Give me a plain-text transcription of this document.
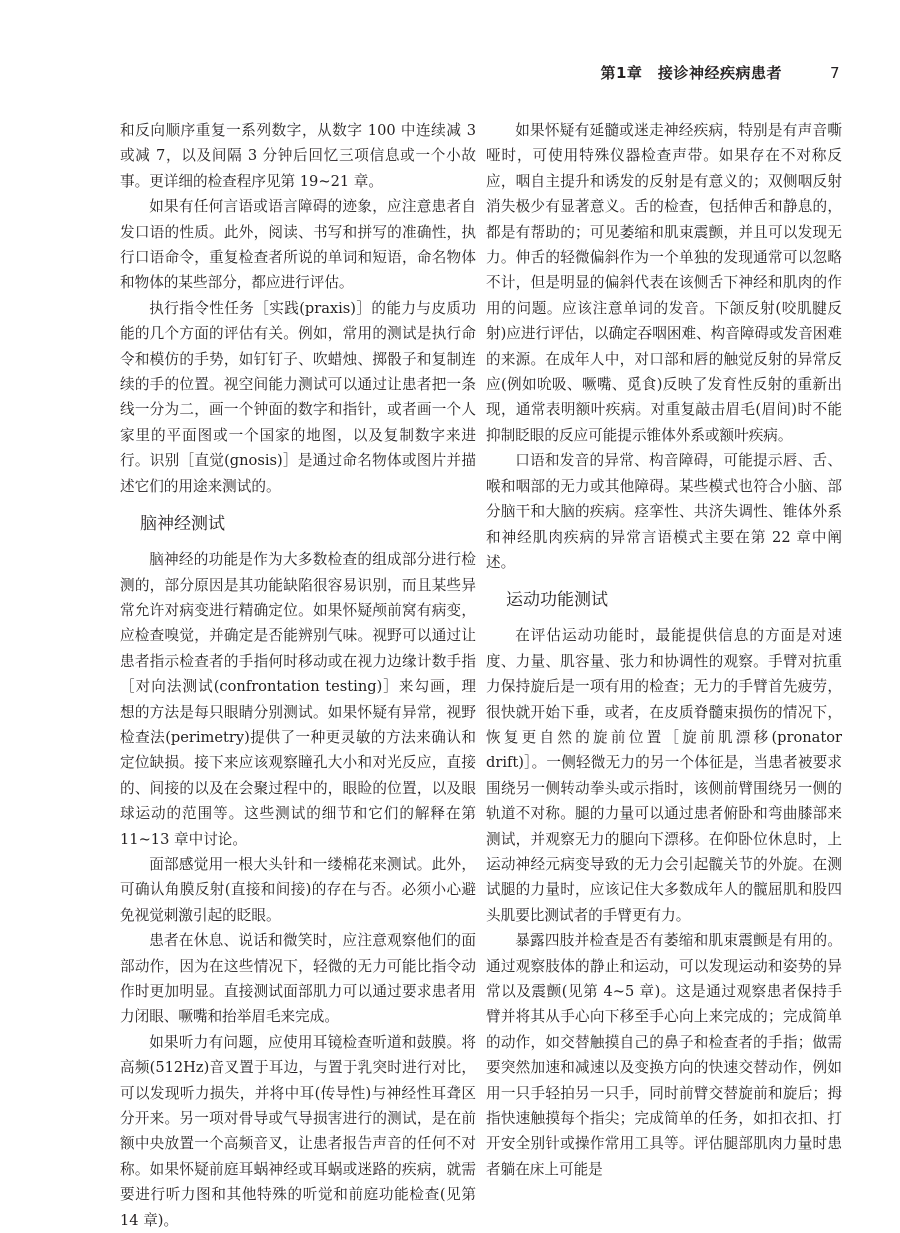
第1章　接诊神经疾病患者	7

和反向顺序重复一系列数字，从数字 100 中连续减 3 或减 7，以及间隔 3 分钟后回忆三项信息或一个小故事。更详细的检查程序见第 19~21 章。

如果有任何言语或语言障碍的迹象，应注意患者自发口语的性质。此外，阅读、书写和拼写的准确性，执行口语命令，重复检查者所说的单词和短语，命名物体和物体的某些部分，都应进行评估。

执行指令性任务［实践(praxis)］的能力与皮质功能的几个方面的评估有关。例如，常用的测试是执行命令和模仿的手势，如钉钉子、吹蜡烛、掷骰子和复制连续的手的位置。视空间能力测试可以通过让患者把一条线一分为二，画一个钟面的数字和指针，或者画一个人家里的平面图或一个国家的地图，以及复制数字来进行。识别［直觉(gnosis)］是通过命名物体或图片并描述它们的用途来测试的。

脑神经测试

脑神经的功能是作为大多数检查的组成部分进行检测的，部分原因是其功能缺陷很容易识别，而且某些异常允许对病变进行精确定位。如果怀疑颅前窝有病变，应检查嗅觉，并确定是否能辨别气味。视野可以通过让患者指示检查者的手指何时移动或在视力边缘计数手指［对向法测试(confrontation testing)］来勾画，理想的方法是每只眼睛分别测试。如果怀疑有异常，视野检查法(perimetry)提供了一种更灵敏的方法来确认和定位缺损。接下来应该观察瞳孔大小和对光反应，直接的、间接的以及在会聚过程中的，眼睑的位置，以及眼球运动的范围等。这些测试的细节和它们的解释在第 11~13 章中讨论。

面部感觉用一根大头针和一缕棉花来测试。此外，可确认角膜反射(直接和间接)的存在与否。必须小心避免视觉刺激引起的眨眼。

患者在休息、说话和微笑时，应注意观察他们的面部动作，因为在这些情况下，轻微的无力可能比指令动作时更加明显。直接测试面部肌力可以通过要求患者用力闭眼、噘嘴和抬举眉毛来完成。

如果听力有问题，应使用耳镜检查听道和鼓膜。将高频(512Hz)音叉置于耳边，与置于乳突时进行对比，可以发现听力损失，并将中耳(传导性)与神经性耳聋区分开来。另一项对骨导或气导损害进行的测试，是在前额中央放置一个高频音叉，让患者报告声音的任何不对称。如果怀疑前庭耳蜗神经或耳蜗或迷路的疾病，就需要进行听力图和其他特殊的听觉和前庭功能检查(见第 14 章)。

如果怀疑有延髓或迷走神经疾病，特别是有声音嘶哑时，可使用特殊仪器检查声带。如果存在不对称反应，咽自主提升和诱发的反射是有意义的；双侧咽反射消失极少有显著意义。舌的检查，包括伸舌和静息的，都是有帮助的；可见萎缩和肌束震颤，并且可以发现无力。伸舌的轻微偏斜作为一个单独的发现通常可以忽略不计，但是明显的偏斜代表在该侧舌下神经和肌肉的作用的问题。应该注意单词的发音。下颌反射(咬肌腱反射)应进行评估，以确定吞咽困难、构音障碍或发音困难的来源。在成年人中，对口部和唇的触觉反射的异常反应(例如吮吸、噘嘴、觅食)反映了发育性反射的重新出现，通常表明额叶疾病。对重复敲击眉毛(眉间)时不能抑制眨眼的反应可能提示锥体外系或额叶疾病。

口语和发音的异常、构音障碍，可能提示唇、舌、喉和咽部的无力或其他障碍。某些模式也符合小脑、部分脑干和大脑的疾病。痉挛性、共济失调性、锥体外系和神经肌肉疾病的异常言语模式主要在第 22 章中阐述。

运动功能测试

在评估运动功能时，最能提供信息的方面是对速度、力量、肌容量、张力和协调性的观察。手臂对抗重力保持旋后是一项有用的检查；无力的手臂首先疲劳，很快就开始下垂，或者，在皮质脊髓束损伤的情况下，恢复更自然的旋前位置［旋前肌漂移(pronator drift)］。一侧轻微无力的另一个体征是，当患者被要求围绕另一侧转动拳头或示指时，该侧前臂围绕另一侧的轨道不对称。腿的力量可以通过患者俯卧和弯曲膝部来测试，并观察无力的腿向下漂移。在仰卧位休息时，上运动神经元病变导致的无力会引起髋关节的外旋。在测试腿的力量时，应该记住大多数成年人的髋屈肌和股四头肌要比测试者的手臂更有力。

暴露四肢并检查是否有萎缩和肌束震颤是有用的。通过观察肢体的静止和运动，可以发现运动和姿势的异常以及震颤(见第 4~5 章)。这是通过观察患者保持手臂并将其从手心向下移至手心向上来完成的；完成简单的动作，如交替触摸自己的鼻子和检查者的手指；做需要突然加速和减速以及变换方向的快速交替动作，例如用一只手轻拍另一只手，同时前臂交替旋前和旋后；拇指快速触摸每个指尖；完成简单的任务，如扣衣扣、打开安全别针或操作常用工具等。评估腿部肌肉力量时患者躺在床上可能是
